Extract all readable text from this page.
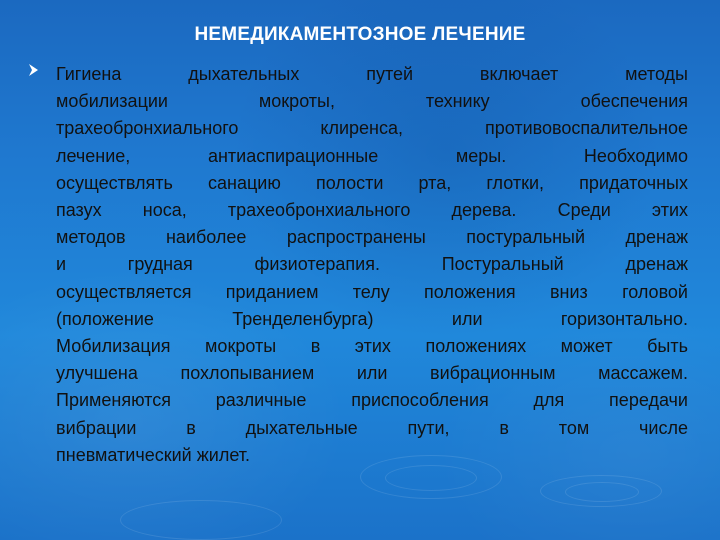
НЕМЕДИКАМЕНТОЗНОЕ ЛЕЧЕНИЕ
Гигиена дыхательных путей включает методы
мобилизации мокроты, технику обеспечения
трахеобронхиального клиренса, противовоспалительное
лечение, антиаспирационные меры. Необходимо
осуществлять санацию полости рта, глотки, придаточных
пазух носа, трахеобронхиального дерева. Среди этих
методов наиболее распространены постуральный дренаж
и грудная физиотерапия. Постуральный дренаж
осуществляется приданием телу положения вниз головой
(положение Тренделенбурга) или горизонтально.
Мобилизация мокроты в этих положениях может быть
улучшена похлопыванием или вибрационным массажем.
Применяются различные приспособления для передачи
вибрации в дыхательные пути, в том числе
пневматический жилет.
